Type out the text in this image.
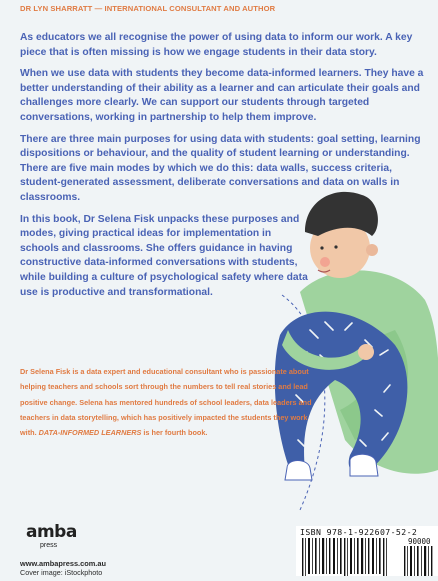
DR LYN SHARRATT — INTERNATIONAL CONSULTANT AND AUTHOR

As educators we all recognise the power of using data to inform our work. A key piece that is often missing is how we engage students in their data story.

When we use data with students they become data-informed learners. They have a better understanding of their ability as a learner and can articulate their goals and challenges more clearly. We can support our students through targeted conversations, working in partnership to help them improve.

There are three main purposes for using data with students: goal setting, learning dispositions or behaviour, and the quality of student learning or understanding. There are five main modes by which we do this: data walls, success criteria, student-generated assessment, deliberate conversations and data on walls in classrooms.

In this book, Dr Selena Fisk unpacks these purposes and modes, giving practical ideas for implementation in schools and classrooms. She offers guidance in having constructive data-informed conversations with students, while building a culture of psychological safety where data use is productive and transformational.

Dr Selena Fisk is a data expert and educational consultant who is passionate about helping teachers and schools sort through the numbers to tell real stories and lead positive change. Selena has mentored hundreds of school leaders, data leaders and teachers in data storytelling, which has positively impacted the students they work with. DATA-INFORMED LEARNERS is her fourth book.
amba
press
www.ambapress.com.au
Cover image: iStockphoto
ISBN 978-1-922607-52-2
90000
